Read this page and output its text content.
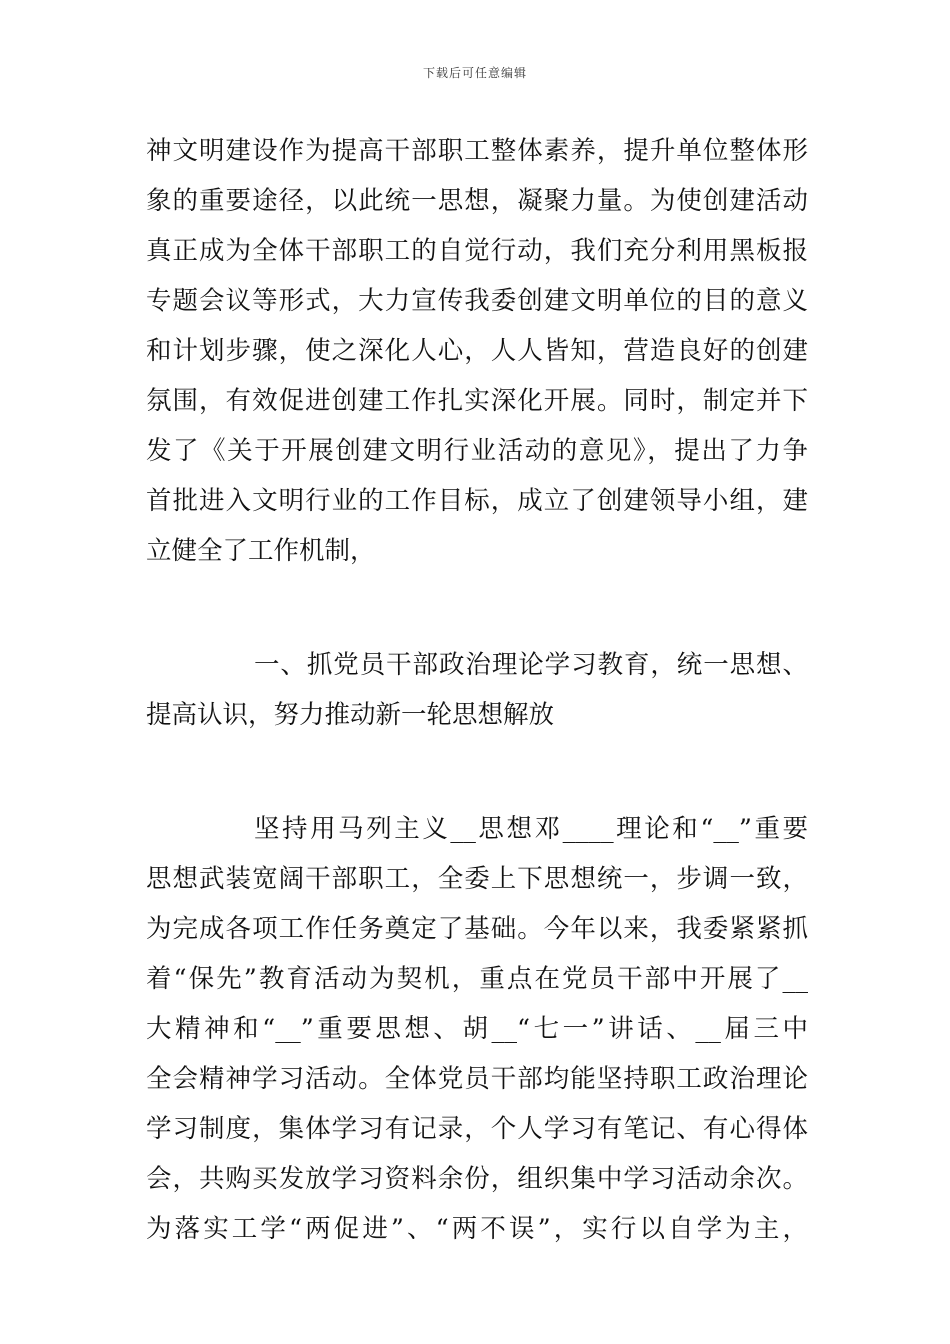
下载后可任意编辑
神文明建设作为提高干部职工整体素养，提升单位整体形
象的重要途径，以此统一思想，凝聚力量。为使创建活动
真正成为全体干部职工的自觉行动，我们充分利用黑板报
专题会议等形式，大力宣传我委创建文明单位的目的意义
和计划步骤，使之深化人心，人人皆知，营造良好的创建
氛围，有效促进创建工作扎实深化开展。同时，制定并下
发了《关于开展创建文明行业活动的意见》，提出了力争
首批进入文明行业的工作目标，成立了创建领导小组，建
立健全了工作机制，
一、抓党员干部政治理论学习教育，统一思想、
提高认识，努力推动新一轮思想解放
坚持用马列主义__思想邓____理论和“__”重要
思想武装宽阔干部职工，全委上下思想统一，步调一致，
为完成各项工作任务奠定了基础。今年以来，我委紧紧抓
着“保先”教育活动为契机，重点在党员干部中开展了__
大精神和“__”重要思想、胡__“七一”讲话、__届三中
全会精神学习活动。全体党员干部均能坚持职工政治理论
学习制度，集体学习有记录，个人学习有笔记、有心得体
会，共购买发放学习资料余份，组织集中学习活动余次。
为落实工学“两促进”、“两不误”，实行以自学为主，
